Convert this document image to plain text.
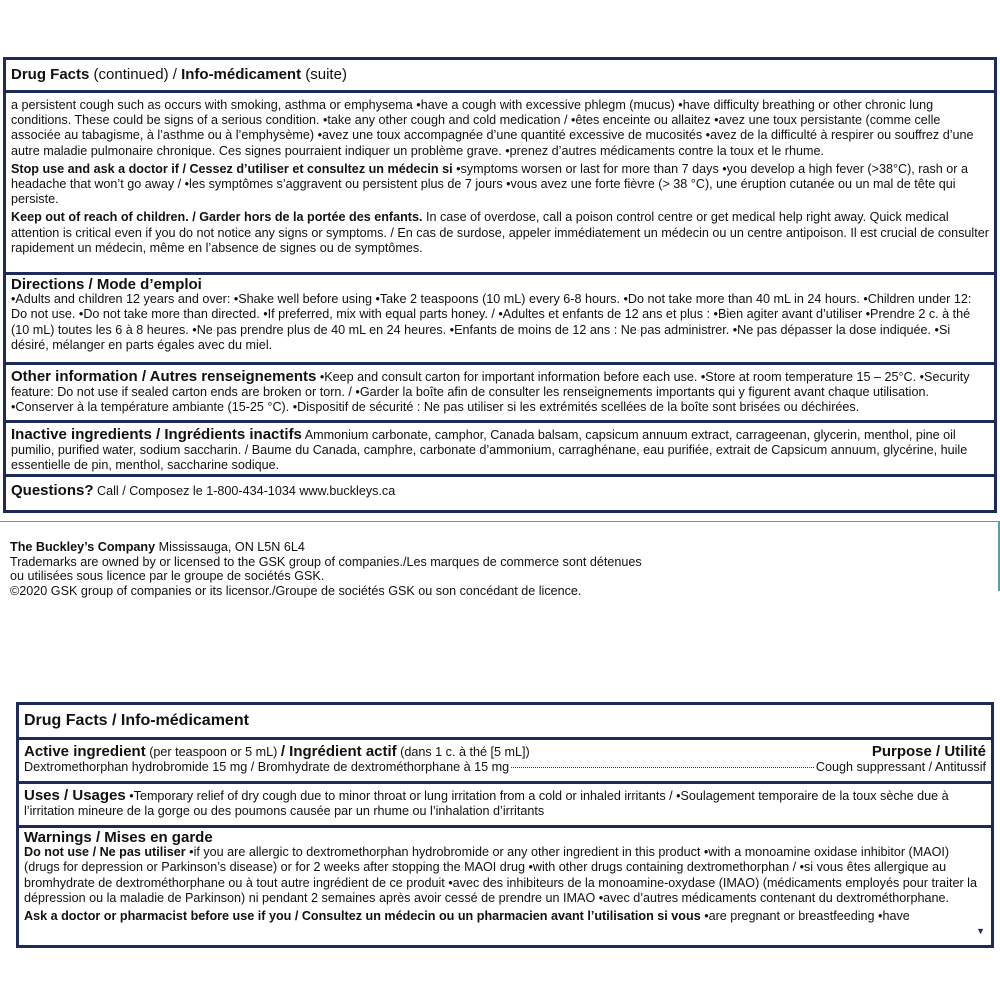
Drug Facts (continued) / Info-médicament (suite)

a persistent cough such as occurs with smoking, asthma or emphysema •have a cough with excessive phlegm (mucus) •have difficulty breathing or other chronic lung conditions. These could be signs of a serious condition. •take any other cough and cold medication / •êtes enceinte ou allaitez •avez une toux persistante (comme celle associée au tabagisme, à l’asthme ou à l’emphysème) •avez une toux accompagnée d’une quantité excessive de mucosités •avez de la difficulté à respirer ou souffrez d’une autre maladie pulmonaire chronique. Ces signes pourraient indiquer un problème grave. •prenez d’autres médicaments contre la toux et le rhume.

Stop use and ask a doctor if / Cessez d’utiliser et consultez un médecin si •symptoms worsen or last for more than 7 days •you develop a high fever (>38°C), rash or a headache that won’t go away / •les symptômes s’aggravent ou persistent plus de 7 jours •vous avez une forte fièvre (> 38 °C), une éruption cutanée ou un mal de tête qui persiste.

Keep out of reach of children. / Garder hors de la portée des enfants. In case of overdose, call a poison control centre or get medical help right away. Quick medical attention is critical even if you do not notice any signs or symptoms. / En cas de surdose, appeler immédiatement un médecin ou un centre antipoison. Il est crucial de consulter rapidement un médecin, même en l’absence de signes ou de symptômes.

Directions / Mode d’emploi
•Adults and children 12 years and over: •Shake well before using •Take 2 teaspoons (10 mL) every 6-8 hours. •Do not take more than 40 mL in 24 hours. •Children under 12: Do not use. •Do not take more than directed. •If preferred, mix with equal parts honey. / •Adultes et enfants de 12 ans et plus : •Bien agiter avant d’utiliser •Prendre 2 c. à thé (10 mL) toutes les 6 à 8 heures. •Ne pas prendre plus de 40 mL en 24 heures. •Enfants de moins de 12 ans : Ne pas administrer. •Ne pas dépasser la dose indiquée. •Si désiré, mélanger en parts égales avec du miel.
Other information / Autres renseignements •Keep and consult carton for important information before each use. •Store at room temperature 15 – 25°C. •Security feature: Do not use if sealed carton ends are broken or torn. / •Garder la boîte afin de consulter les renseignements importants qui y figurent avant chaque utilisation. •Conserver à la température ambiante (15-25 °C). •Dispositif de sécurité : Ne pas utiliser si les extrémités scellées de la boîte sont brisées ou déchirées.
Inactive ingredients / Ingrédients inactifs Ammonium carbonate, camphor, Canada balsam, capsicum annuum extract, carrageenan, glycerin, menthol, pine oil pumilio, purified water, sodium saccharin. / Baume du Canada, camphre, carbonate d’ammonium, carraghénane, eau purifiée, extrait de Capsicum annuum, glycérine, huile essentielle de pin, menthol, saccharine sodique.
Questions? Call / Composez le 1-800-434-1034 www.buckleys.ca
The Buckley’s Company Mississauga, ON L5N 6L4
Trademarks are owned by or licensed to the GSK group of companies./Les marques de commerce sont détenues ou utilisées sous licence par le groupe de sociétés GSK.
©2020 GSK group of companies or its licensor./Groupe de sociétés GSK ou son concédant de licence.
Drug Facts / Info-médicament
Active ingredient (per teaspoon or 5 mL) / Ingrédient actif (dans 1 c. à thé [5 mL])	Purpose / Utilité
Dextromethorphan hydrobromide 15 mg / Bromhydrate de dextrométhorphane à 15 mg	Cough suppressant / Antitussif
Uses / Usages •Temporary relief of dry cough due to minor throat or lung irritation from a cold or inhaled irritants / •Soulagement temporaire de la toux sèche due à l’irritation mineure de la gorge ou des poumons causée par un rhume ou l’inhalation d’irritants
Warnings / Mises en garde

Do not use / Ne pas utiliser •if you are allergic to dextromethorphan hydrobromide or any other ingredient in this product •with a monoamine oxidase inhibitor (MAOI) (drugs for depression or Parkinson’s disease) or for 2 weeks after stopping the MAOI drug •with other drugs containing dextromethorphan / •si vous êtes allergique au bromhydrate de dextrométhorphane ou à tout autre ingrédient de ce produit •avec des inhibiteurs de la monoamine-oxydase (IMAO) (médicaments employés pour traiter la dépression ou la maladie de Parkinson) ni pendant 2 semaines après avoir cessé de prendre un IMAO •avec d’autres médicaments contenant du dextrométhorphane.

Ask a doctor or pharmacist before use if you / Consultez un médecin ou un pharmacien avant l’utilisation si vous •are pregnant or breastfeeding •have

▼
